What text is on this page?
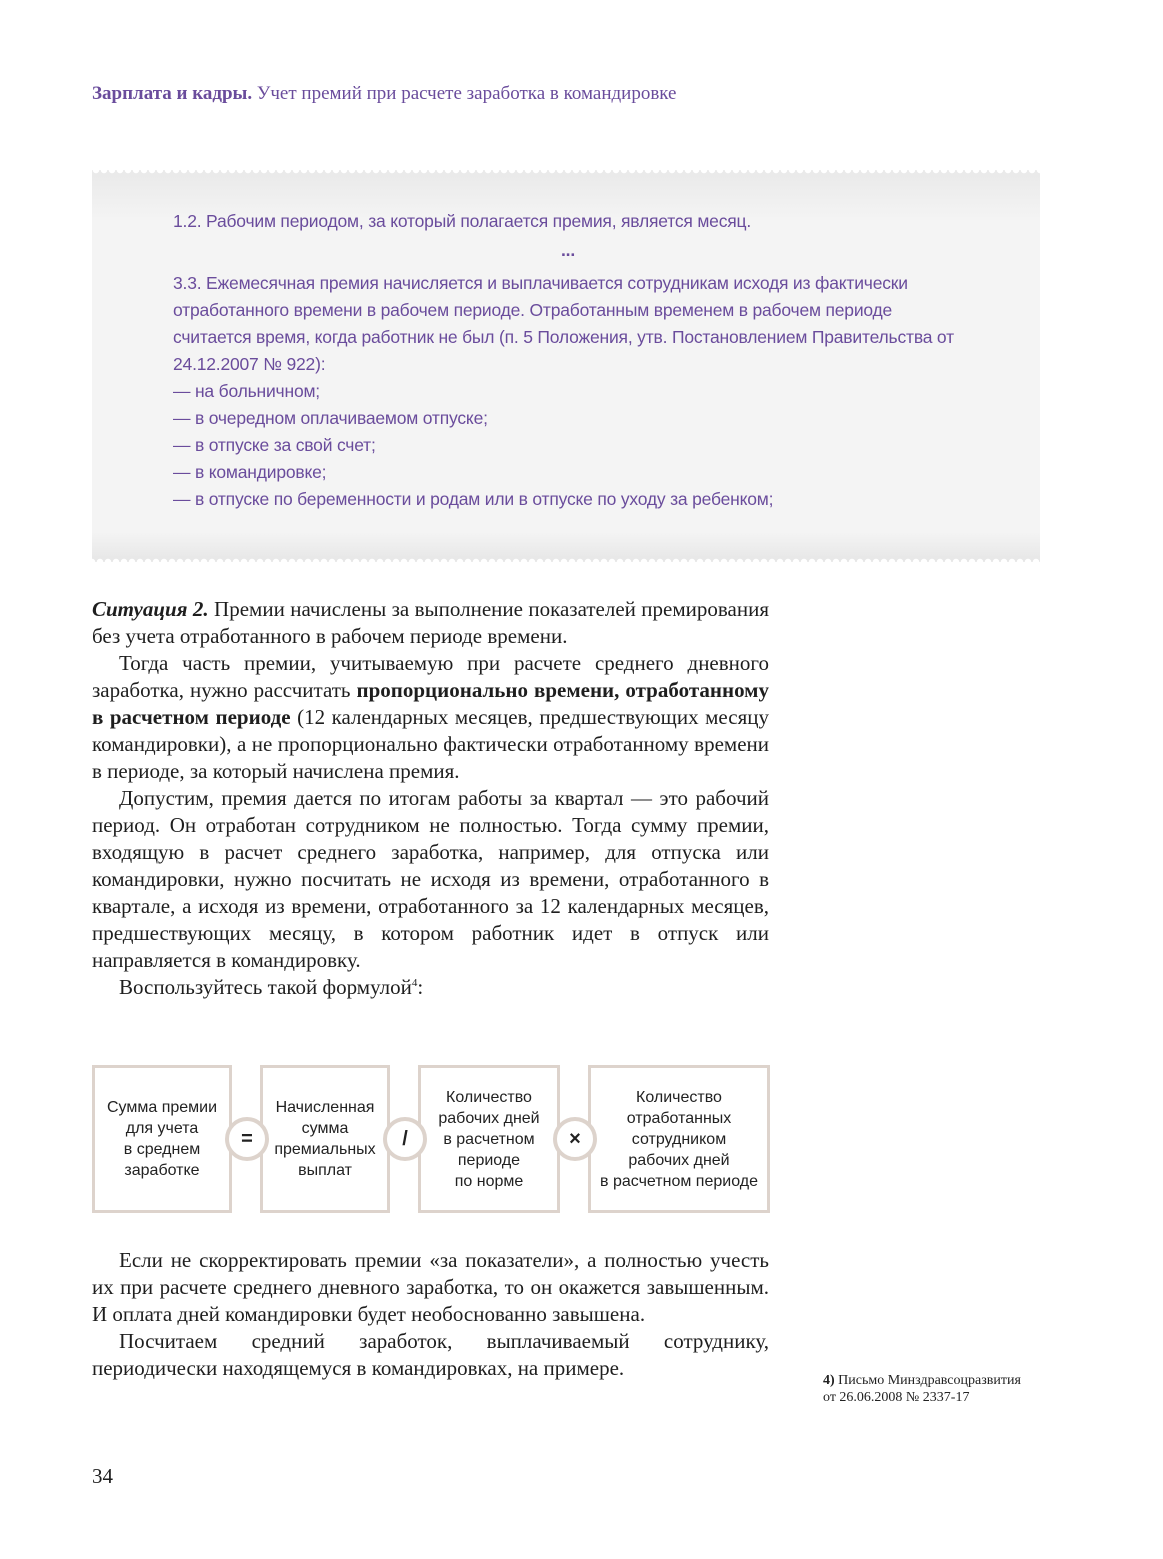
Зарплата и кадры. Учет премий при расчете заработка в командировке

1.2. Рабочим периодом, за который полагается премия, является месяц.

...

3.3. Ежемесячная премия начисляется и выплачивается сотрудникам исходя из фактически отработанного времени в рабочем периоде. Отработанным временем в рабочем периоде считается время, когда работник не был (п. 5 Положения, утв. Постановлением Правительства от 24.12.2007 № 922):

— на больничном;

— в очередном оплачиваемом отпуске;

— в отпуске за свой счет;

— в командировке;

— в отпуске по беременности и родам или в отпуске по уходу за ребенком;

Ситуация 2. Премии начислены за выполнение показателей премирования без учета отработанного в рабочем периоде времени.

Тогда часть премии, учитываемую при расчете среднего дневного заработка, нужно рассчитать пропорционально времени, отработанному в расчетном периоде (12 календарных месяцев, предшествующих месяцу командировки), а не пропорционально фактически отработанному времени в периоде, за который начислена премия.

Допустим, премия дается по итогам работы за квартал — это рабочий период. Он отработан сотрудником не полностью. Тогда сумму премии, входящую в расчет среднего заработка, например, для отпуска или командировки, нужно посчитать не исходя из времени, отработанного в квартале, а исходя из времени, отработанного за 12 календарных месяцев, предшествующих месяцу, в котором работник идет в отпуск или направляется в командировку.

Воспользуйтесь такой формулой$^4$:

Сумма премии
для учета
в среднем
заработке
Начисленная
сумма
премиальных
выплат
Количество
рабочих дней
в расчетном
периоде
по норме
Количество
отработанных
сотрудником
рабочих дней
в расчетном периоде
=	/	×

Если не скорректировать премии «за показатели», а полностью учесть их при расчете среднего дневного заработка, то он окажется завышенным. И оплата дней командировки будет необоснованно завышена.

Посчитаем средний заработок, выплачиваемый сотруднику, периодически находящемуся в командировках, на примере.

4) Письмо Минздравсоцразвития
от 26.06.2008 № 2337-17
34
